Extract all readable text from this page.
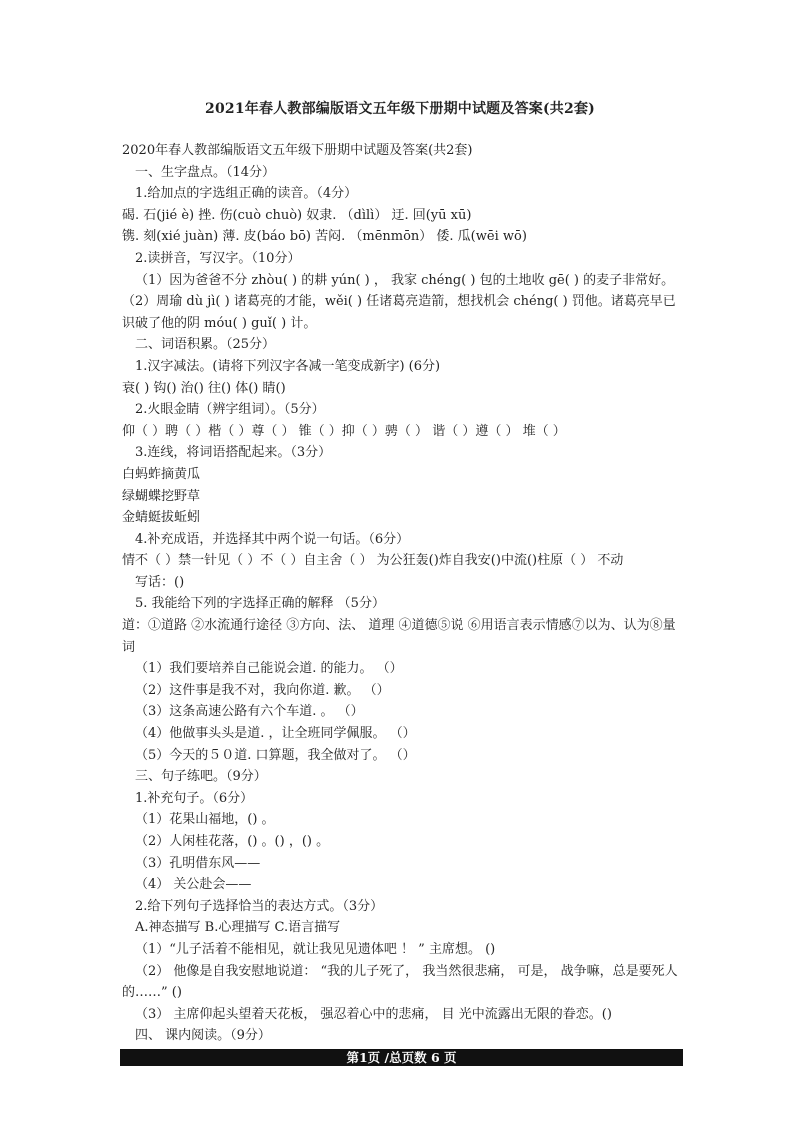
2021年春人教部编版语文五年级下册期中试题及答案(共2套)
2020年春人教部编版语文五年级下册期中试题及答案(共2套)
一、生字盘点。（14分）
1.给加点的字选组正确的读音。（4分）
碣. 石(jié è) 挫. 伤(cuò chuò) 奴隶. （dìlì） 迂. 回(yū xū)
镌. 刻(xié juàn) 薄. 皮(báo bō) 苦闷. （mēnmōn） 倭. 瓜(wēi wō)
2.读拼音，写汉字。（10分）
（1）因为爸爸不分 zhòu( ) 的耕 yún( ) ， 我家 chéng( ) 包的土地收 gē( ) 的麦子非常好。
（2）周瑜 dù jì( ) 诸葛亮的才能，wěi( ) 任诸葛亮造箭，想找机会 chéng( ) 罚他。诸葛亮早已识破了他的阴 móu( ) guǐ( ) 计。
二、词语积累。（25分）
1.汉字减法。(请将下列汉字各减一笔变成新字) (6分)
衰( ) 钩() 治() 往() 体() 睛()
2.火眼金睛（辨字组词）。（5分）
仰（ ）聘（ ）楷（ ）尊（ ） 锥（ ）抑（ ）骋（ ） 谐（ ）遵（ ） 堆（ ）
3.连线，将词语搭配起来。（3分）
白蚂蚱摘黄瓜
绿蝴蝶挖野草
金蜻蜓拔蚯蚓
4.补充成语，并选择其中两个说一句话。（6分）
情不（ ）禁一针见（ ）不（ ）自主舍（ ） 为公狂轰()炸自我安()中流()柱原（ ） 不动
写话：()
5. 我能给下列的字选择正确的解释 （5分）
道：①道路 ②水流通行途径 ③方向、法、 道理 ④道德⑤说 ⑥用语言表示情感⑦以为、认为⑧量词
（1）我们要培养自己能说会道. 的能力。 （）
（2）这件事是我不对，我向你道. 歉。 （）
（3）这条高速公路有六个车道. 。 （）
（4）他做事头头是道. ，让全班同学佩服。 （）
（5）今天的５０道. 口算题，我全做对了。 （）
三、句子练吧。（9分）
1.补充句子。（6分）
（1）花果山福地，() 。
（2）人闲桂花落，() 。() ，() 。
（3）孔明借东风——
（4） 关公赴会——
2.给下列句子选择恰当的表达方式。（3分）
A.神态描写 B.心理描写 C.语言描写
（1）“儿子活着不能相见，就让我见见遗体吧 ！ ” 主席想。 ()
（2） 他像是自我安慰地说道： “我的儿子死了， 我当然很悲痛， 可是， 战争嘛，总是要死人的……” ()
（3） 主席仰起头望着天花板， 强忍着心中的悲痛， 目 光中流露出无限的眷恋。()
四、 课内阅读。（9分）
第1页 /总页数 6 页
